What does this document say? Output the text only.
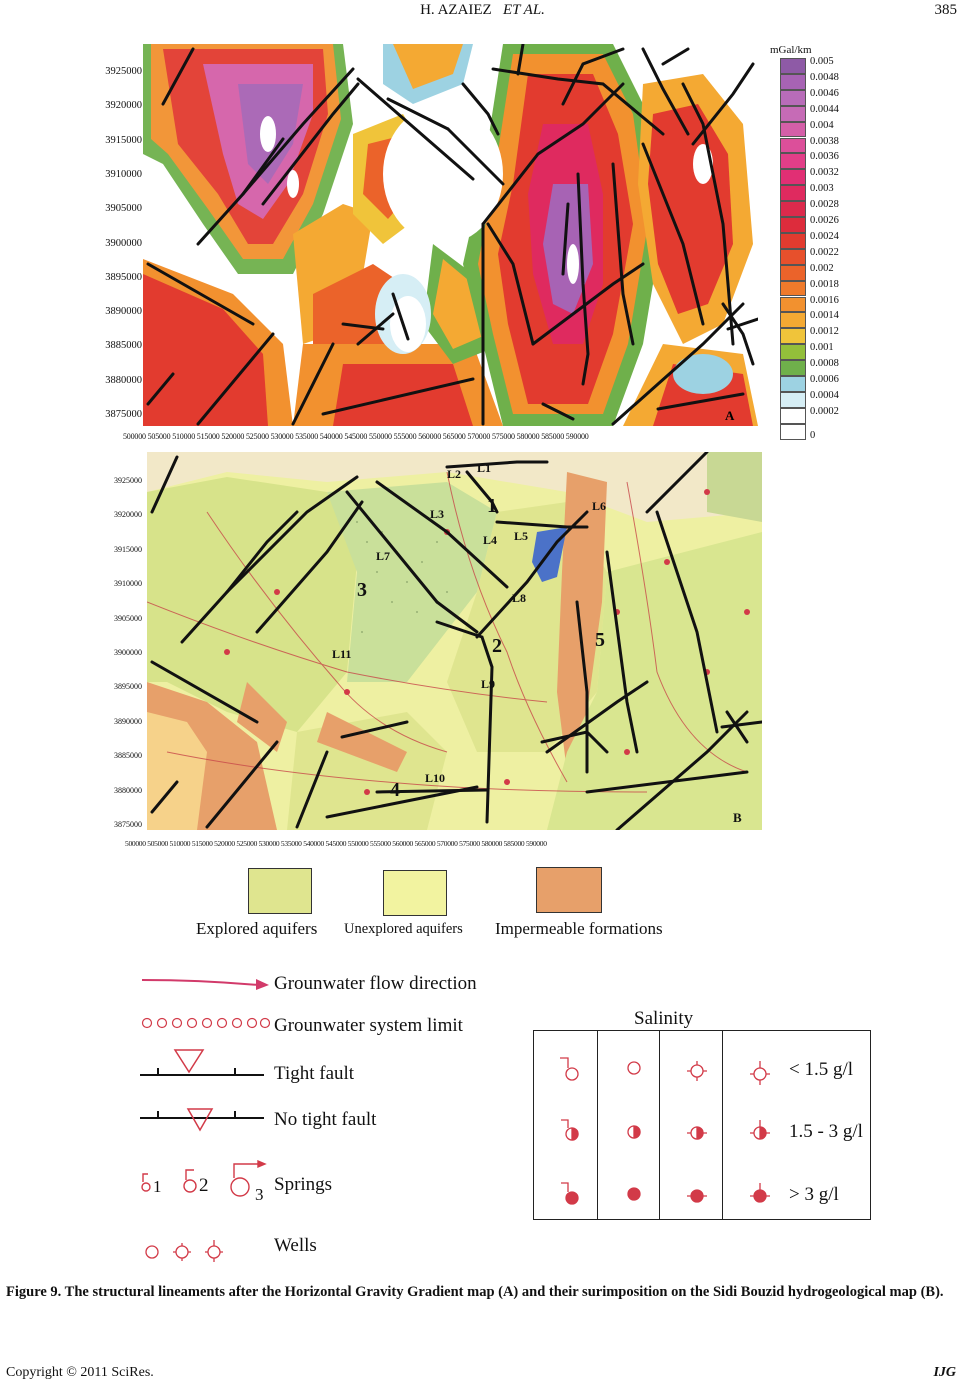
H. AZAIEZ ET AL.	385
3925000
3920000
3915000
3910000
3905000
3900000
3895000
3890000
3885000
3880000
3875000	A
500000 505000 510000 515000 520000 525000 530000 535000 540000 545000 550000 555000 560000 565000 570000 575000 580000 585000 590000
mGal/km
0.005
0.0048
0.0046
0.0044
0.004
0.0038
0.0036
0.0032
0.003
0.0028
0.0026
0.0024
0.0022
0.002
0.0018
0.0016
0.0014
0.0012
0.001
0.0008
0.0006
0.0004
0.0002
0
3925000
3920000
3915000
3910000
3905000
3900000
3895000
3890000
3885000
3880000
3875000
L1
L2
L3
L4 L5
L6
L7
L8
L9
L10
L11
1
2
3
4
5
B
500000 505000 510000 515000 520000 525000 530000 535000 540000 545000 550000 555000 560000 565000 570000 575000 580000 585000 590000
Explored aquifers Unexplored aquifers Impermeable formations
Grounwater flow direction
Grounwater system limit
Tight fault
No tight fault
1 2	3 Springs
Wells
Salinity
< 1.5 g/l
1.5 - 3 g/l
> 3 g/l
Figure 9. The structural lineaments after the Horizontal Gravity Gradient map (A) and their surimposition on the Sidi Bouzid hydrogeological map (B).
Copyright © 2011 SciRes.	IJG
